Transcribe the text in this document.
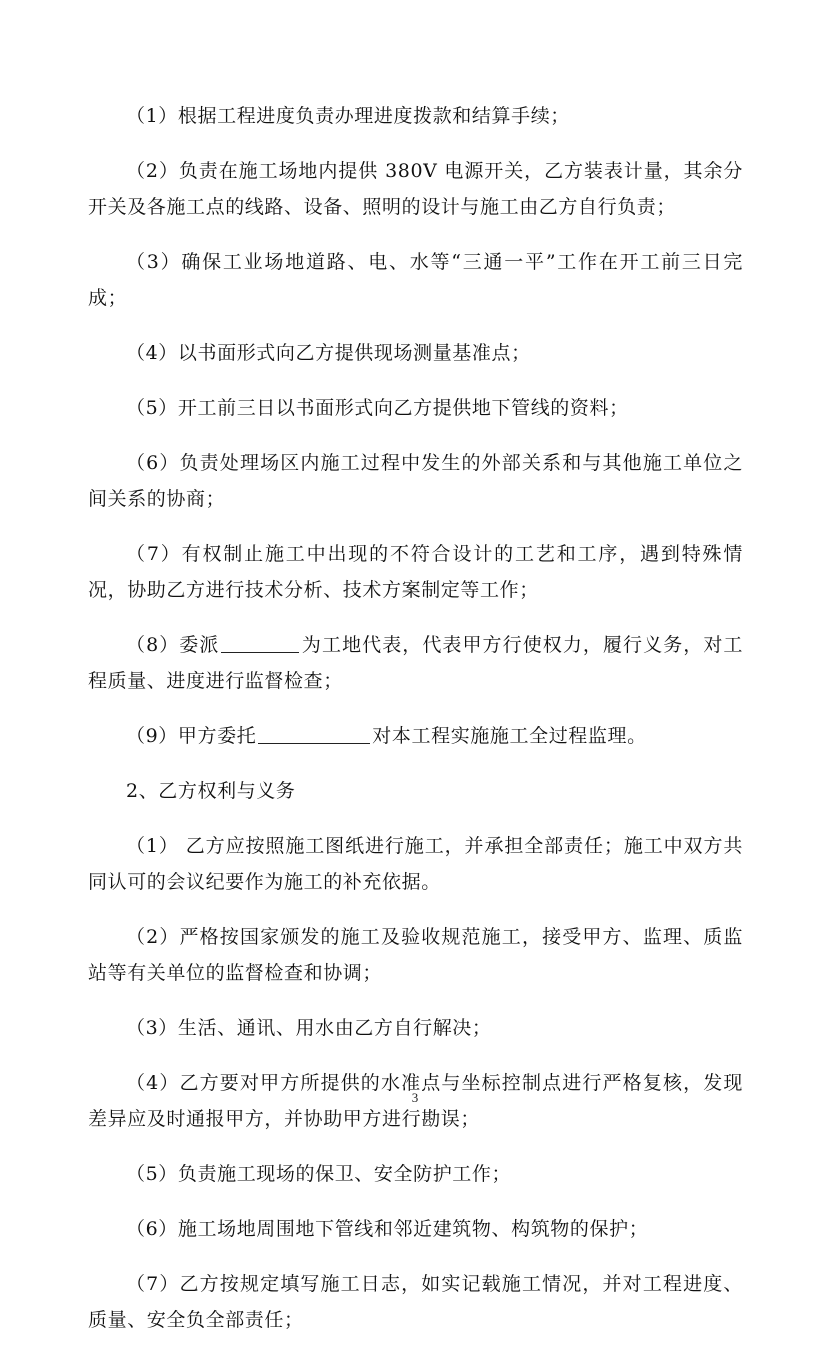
（1）根据工程进度负责办理进度拨款和结算手续；

（2）负责在施工场地内提供 380V 电源开关，乙方装表计量，其余分开关及各施工点的线路、设备、照明的设计与施工由乙方自行负责；

（3）确保工业场地道路、电、水等“三通一平”工作在开工前三日完成；

（4）以书面形式向乙方提供现场测量基准点；

（5）开工前三日以书面形式向乙方提供地下管线的资料；

（6）负责处理场区内施工过程中发生的外部关系和与其他施工单位之间关系的协商；

（7）有权制止施工中出现的不符合设计的工艺和工序，遇到特殊情况，协助乙方进行技术分析、技术方案制定等工作；

（8）委派	为工地代表，代表甲方行使权力，履行义务，对工程质量、进度进行监督检查；

（9）甲方委托	对本工程实施施工全过程监理。

2、乙方权利与义务

（1） 乙方应按照施工图纸进行施工，并承担全部责任；施工中双方共同认可的会议纪要作为施工的补充依据。

（2）严格按国家颁发的施工及验收规范施工，接受甲方、监理、质监站等有关单位的监督检查和协调；

（3）生活、通讯、用水由乙方自行解决；

（4）乙方要对甲方所提供的水准点与坐标控制点进行严格复核，发现差异应及时通报甲方，并协助甲方进行勘误；

（5）负责施工现场的保卫、安全防护工作；

（6）施工场地周围地下管线和邻近建筑物、构筑物的保护；

（7）乙方按规定填写施工日志，如实记载施工情况，并对工程进度、质量、安全负全部责任；

3
